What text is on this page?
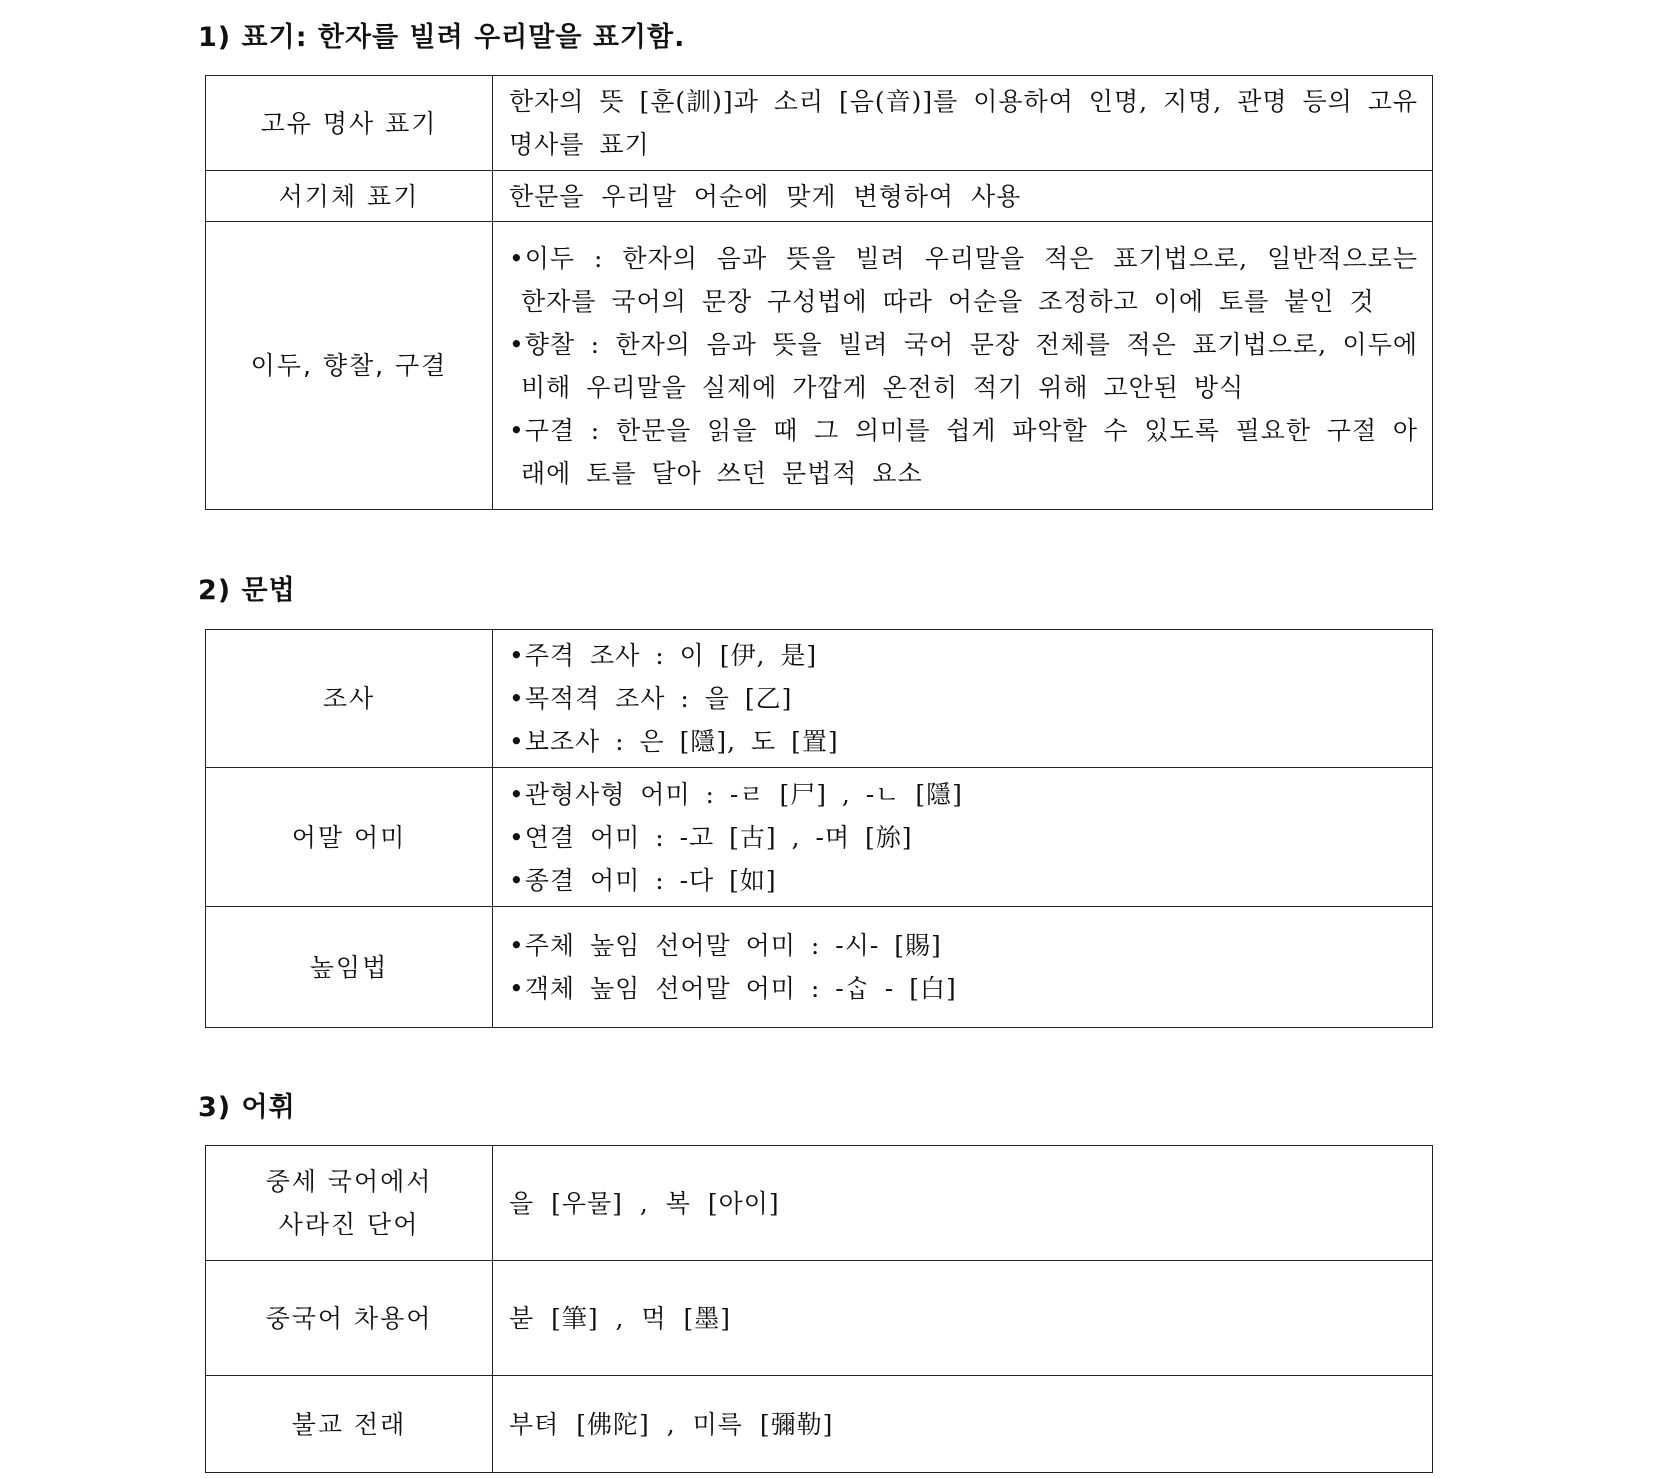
1) 표기: 한자를 빌려 우리말을 표기함.
고유 명사 표기	한자의 뜻 [훈(訓)]과 소리 [음(音)]를 이용하여 인명, 지명, 관명 등의 고유 명사를 표기
서기체 표기	한문을 우리말 어순에 맞게 변형하여 사용
이두, 향찰, 구결	•이두 : 한자의 음과 뜻을 빌려 우리말을 적은 표기법으로, 일반적으로는 한자를 국어의 문장 구성법에 따라 어순을 조정하고 이에 토를 붙인 것
•향찰 : 한자의 음과 뜻을 빌려 국어 문장 전체를 적은 표기법으로, 이두에 비해 우리말을 실제에 가깝게 온전히 적기 위해 고안된 방식
•구결 : 한문을 읽을 때 그 의미를 쉽게 파악할 수 있도록 필요한 구절 아래에 토를 달아 쓰던 문법적 요소
2) 문법
조사	•주격 조사 : 이 [伊, 是]
•목적격 조사 : 을 [乙]
•보조사 : 은 [隱], 도 [置]

어말 어미	•관형사형 어미 : -ㄹ [尸] , -ㄴ [隱]
•연결 어미 : -고 [古] , -며 [旀]
•종결 어미 : -다 [如]

높임법	•주체 높임 선어말 어미 : -시- [賜]
•객체 높임 선어말 어미 : -ᄉᆞᆸ - [白]
3) 어휘
중세 국어에서
사라진 단어	을 [우물] , 복 [아이]
중국어 차용어	붇 [筆] , 먹 [墨]
불교 전래	부텨 [佛陀] , 미륵 [彌勒]
